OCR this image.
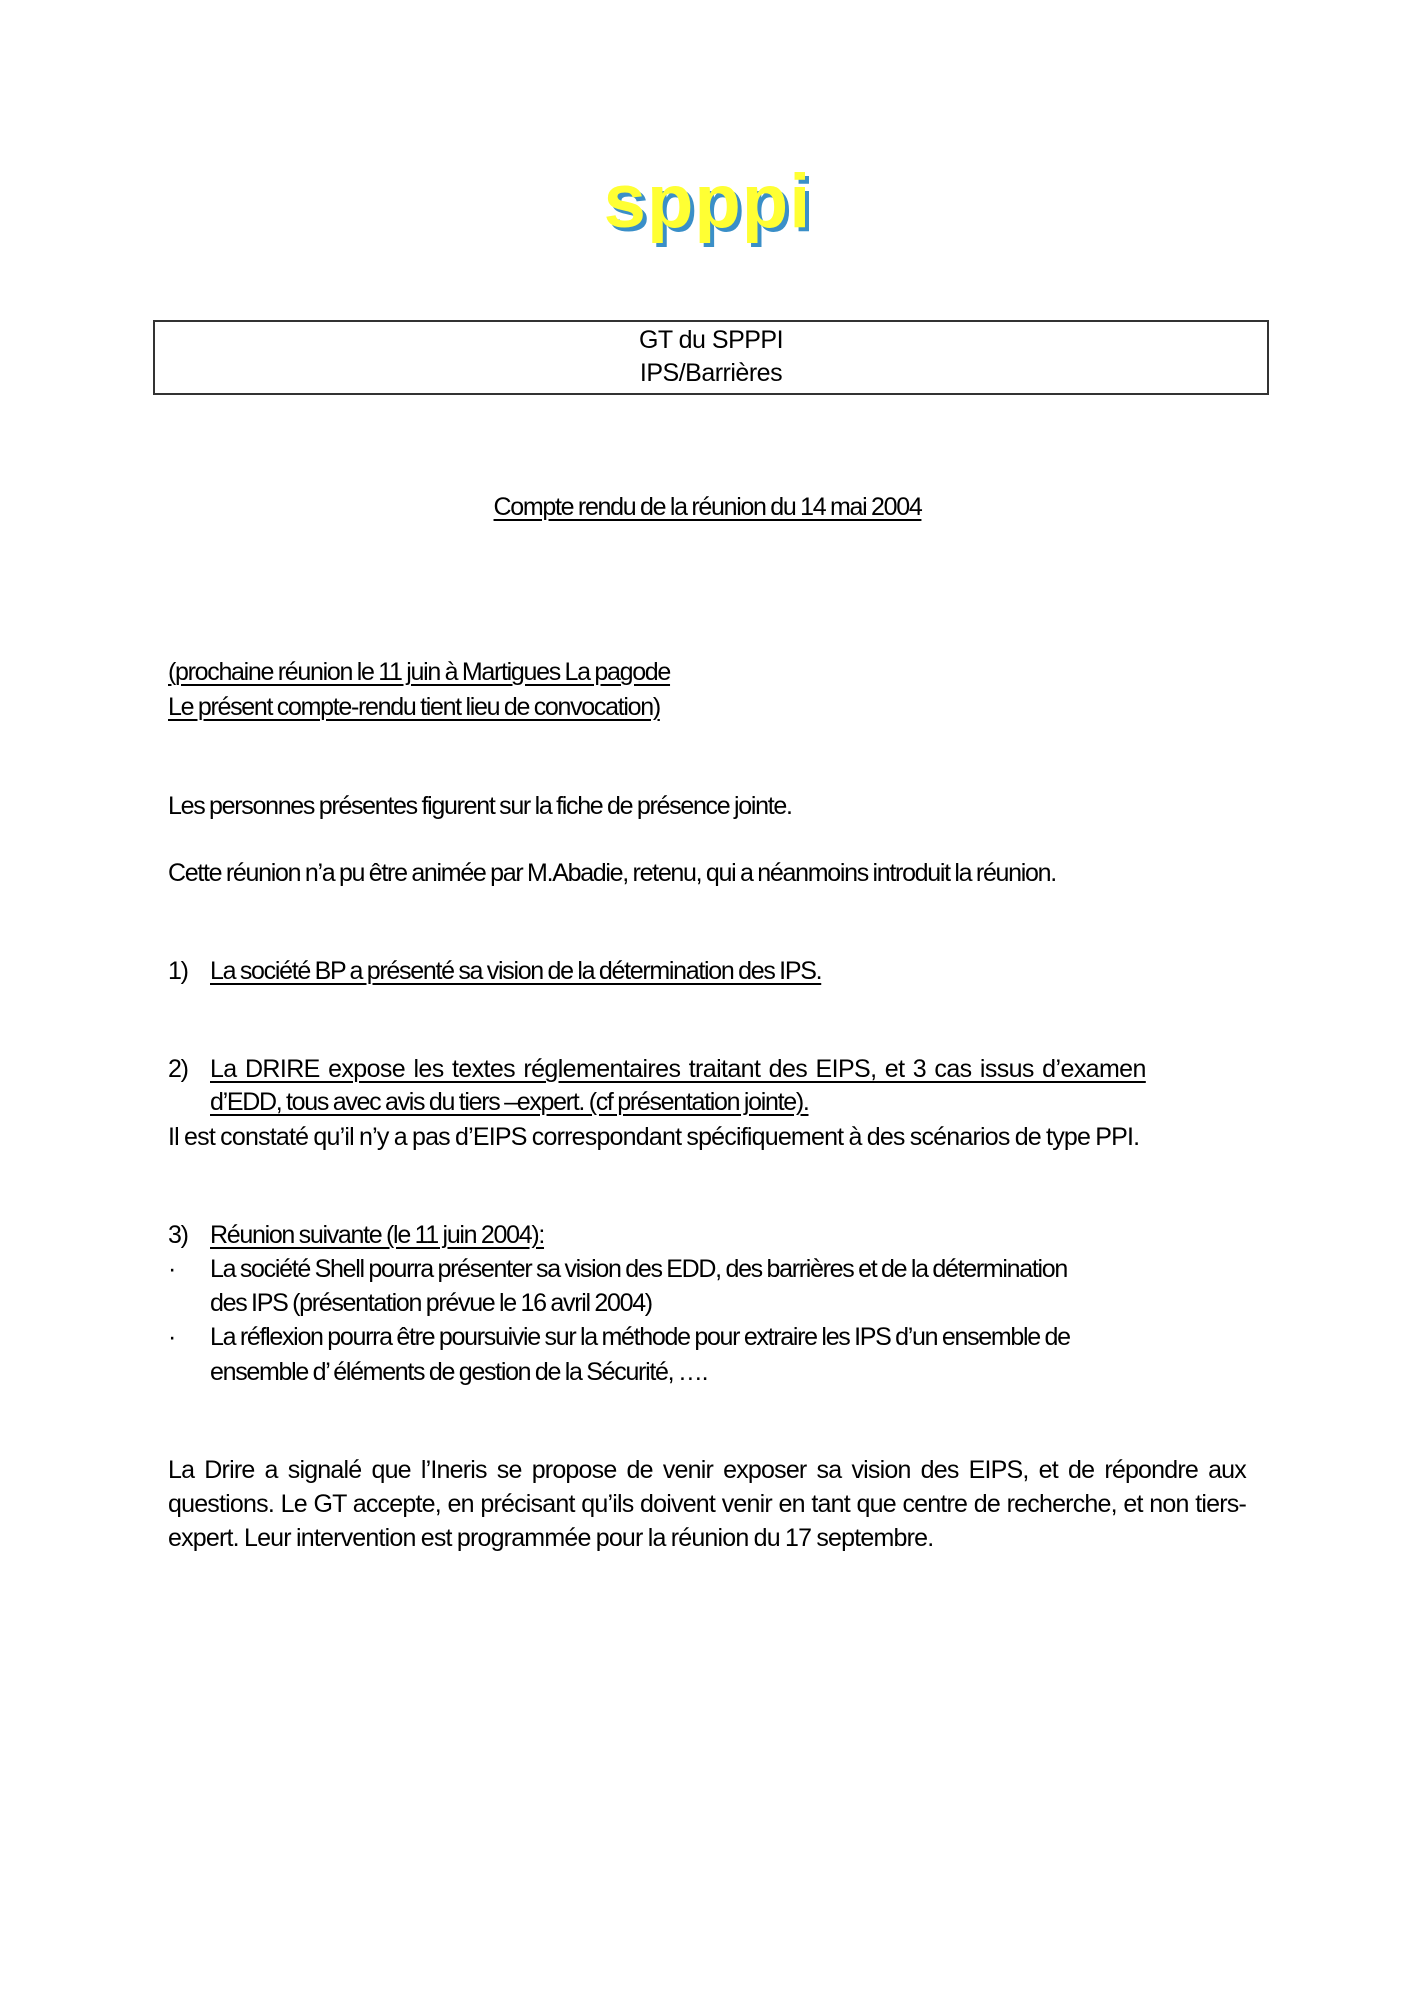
spppi
GT du SPPPI
IPS/Barrières
Compte rendu de la réunion du 14 mai 2004
(prochaine réunion le 11 juin à Martigues La pagode
Le présent compte-rendu tient lieu de convocation)
Les personnes présentes figurent sur la fiche de présence jointe.
Cette réunion n’a pu être animée par M.Abadie, retenu, qui a néanmoins introduit la réunion.
1) La société BP a présenté sa vision de la détermination des IPS.
2) La DRIRE expose les textes réglementaires traitant des EIPS, et 3 cas issus d’examen
d’EDD, tous avec avis du tiers –expert. (cf présentation jointe).
Il est constaté qu’il n’y a pas d’EIPS correspondant spécifiquement à des scénarios de type PPI.
3) Réunion suivante (le 11 juin 2004):
· La société Shell pourra présenter sa vision des EDD, des barrières et de la détermination
des IPS (présentation prévue le 16 avril 2004)
· La réflexion pourra être poursuivie sur la méthode pour extraire les IPS d’un ensemble de
ensemble d’ éléments de gestion de la Sécurité, ….
La Drire a signalé que l’Ineris se propose de venir exposer sa vision des EIPS, et de répondre aux questions. Le GT accepte, en précisant qu’ils doivent venir en tant que centre de recherche, et non tiers-expert. Leur intervention est programmée pour la réunion du 17 septembre.
